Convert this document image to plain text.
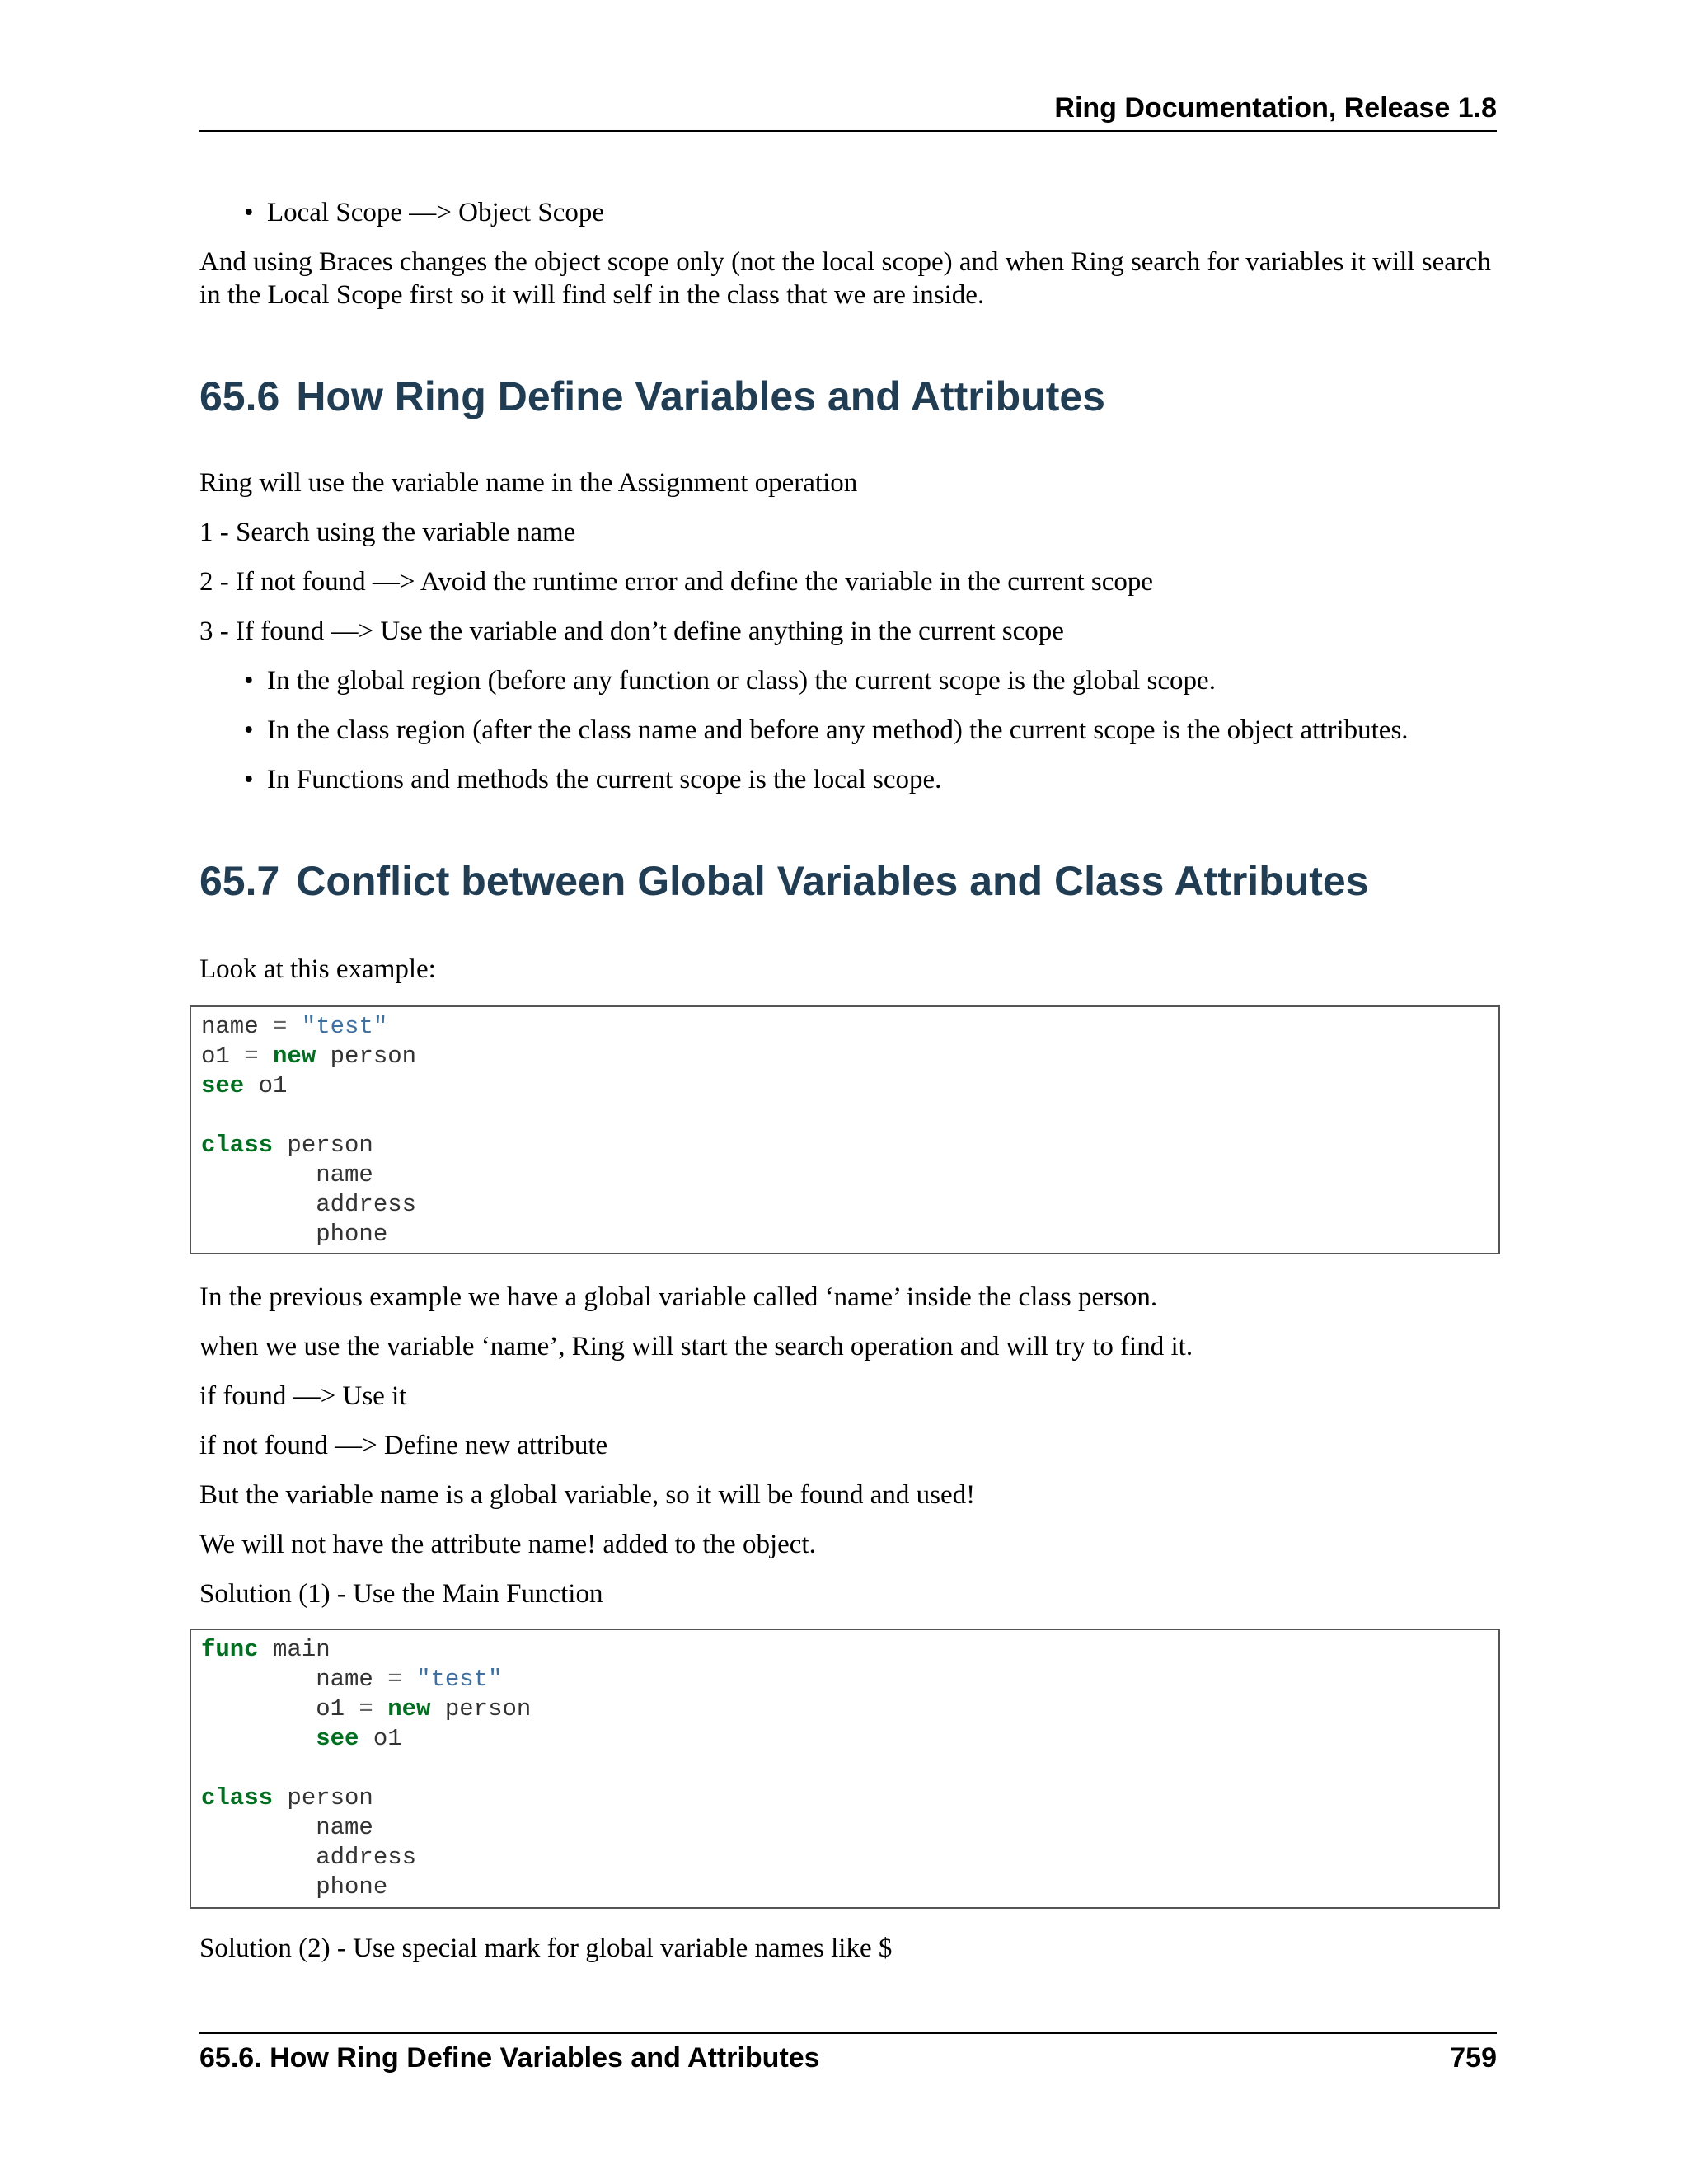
Ring Documentation, Release 1.8
• Local Scope —> Object Scope
And using Braces changes the object scope only (not the local scope) and when Ring search for variables it will search
in the Local Scope first so it will find self in the class that we are inside.
65.6 How Ring Define Variables and Attributes
Ring will use the variable name in the Assignment operation
1 - Search using the variable name
2 - If not found —> Avoid the runtime error and define the variable in the current scope
3 - If found —> Use the variable and don’t define anything in the current scope
• In the global region (before any function or class) the current scope is the global scope.
• In the class region (after the class name and before any method) the current scope is the object attributes.
• In Functions and methods the current scope is the local scope.
65.7 Conflict between Global Variables and Class Attributes
Look at this example:
name = "test"
o1 = new person
see o1
class person
name
address
phone
In the previous example we have a global variable called ‘name’ inside the class person.
when we use the variable ‘name’, Ring will start the search operation and will try to find it.
if found —> Use it
if not found —> Define new attribute
But the variable name is a global variable, so it will be found and used!
We will not have the attribute name! added to the object.
Solution (1) - Use the Main Function
func main
name = "test"
o1 = new person
see o1
class person
name
address
phone
Solution (2) - Use special mark for global variable names like $
65.6. How Ring Define Variables and Attributes	759
